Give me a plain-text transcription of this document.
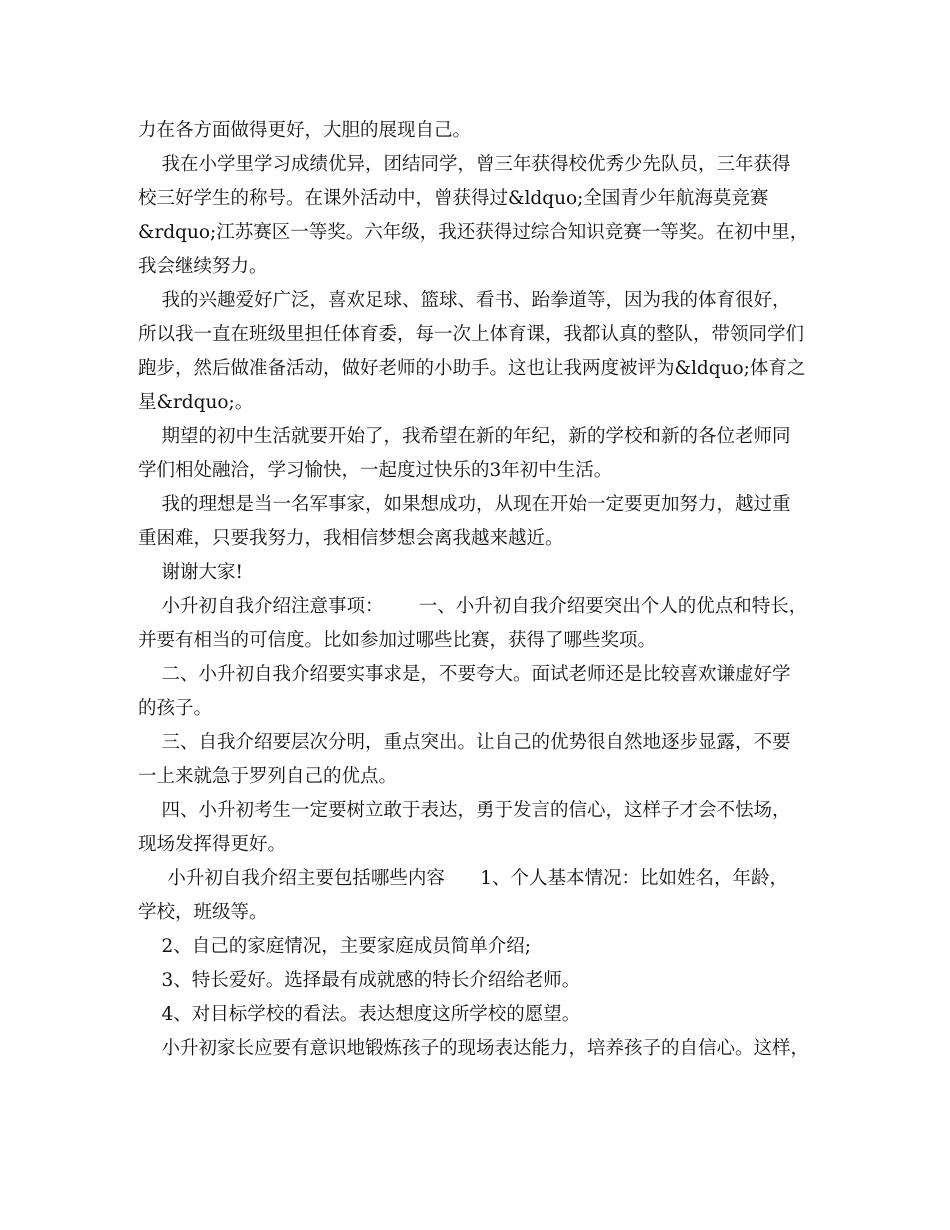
力在各方面做得更好，大胆的展现自己。
我在小学里学习成绩优异，团结同学，曾三年获得校优秀少先队员，三年获得
校三好学生的称号。在课外活动中，曾获得过&ldquo;全国青少年航海莫竞赛
&rdquo;江苏赛区一等奖。六年级，我还获得过综合知识竞赛一等奖。在初中里，
我会继续努力。
我的兴趣爱好广泛，喜欢足球、篮球、看书、跆拳道等，因为我的体育很好，
所以我一直在班级里担任体育委，每一次上体育课，我都认真的整队，带领同学们
跑步，然后做准备活动，做好老师的小助手。这也让我两度被评为&ldquo;体育之
星&rdquo;。
期望的初中生活就要开始了，我希望在新的年纪，新的学校和新的各位老师同
学们相处融洽，学习愉快，一起度过快乐的3年初中生活。
我的理想是当一名军事家，如果想成功，从现在开始一定要更加努力，越过重
重困难，只要我努力，我相信梦想会离我越来越近。
谢谢大家!
小升初自我介绍注意事项：      一、小升初自我介绍要突出个人的优点和特长，
并要有相当的可信度。比如参加过哪些比赛，获得了哪些奖项。
二、小升初自我介绍要实事求是，不要夸大。面试老师还是比较喜欢谦虚好学
的孩子。
三、自我介绍要层次分明，重点突出。让自己的优势很自然地逐步显露，不要
一上来就急于罗列自己的优点。
四、小升初考生一定要树立敢于表达，勇于发言的信心，这样子才会不怯场，
现场发挥得更好。
小升初自我介绍主要包括哪些内容      1、个人基本情况：比如姓名，年龄，
学校，班级等。
2、自己的家庭情况，主要家庭成员简单介绍;
3、特长爱好。选择最有成就感的特长介绍给老师。
4、对目标学校的看法。表达想度这所学校的愿望。
小升初家长应要有意识地锻炼孩子的现场表达能力，培养孩子的自信心。这样，
